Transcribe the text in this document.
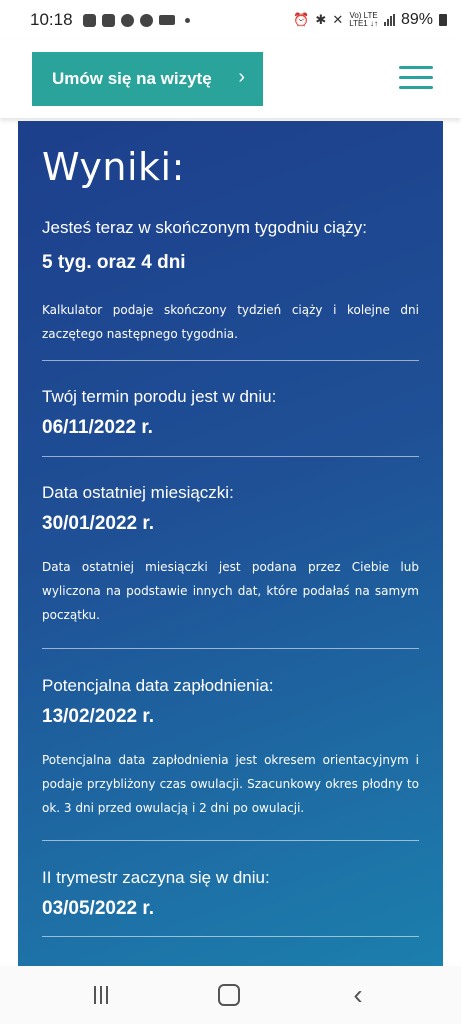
10:18	⏰ ✱ ✕ Vo) LTE
LTE1 ↓↑ 89%
Umów się na wizytę ›
Wyniki:

Jesteś teraz w skończonym tygodniu ciąży:

5 tyg. oraz 4 dni

Kalkulator podaje skończony tydzień ciąży i kolejne dni zaczętego następnego tygodnia.

Twój termin porodu jest w dniu:

06/11/2022 r.

Data ostatniej miesiączki:

30/01/2022 r.

Data ostatniej miesiączki jest podana przez Ciebie lub wyliczona na podstawie innych dat, które podałaś na samym początku.

Potencjalna data zapłodnienia:

13/02/2022 r.

Potencjalna data zapłodnienia jest okresem orientacyjnym i podaje przybliżony czas owulacji. Szacunkowy okres płodny to ok. 3 dni przed owulacją i 2 dni po owulacji.

II trymestr zaczyna się w dniu:

03/05/2022 r.

‹
